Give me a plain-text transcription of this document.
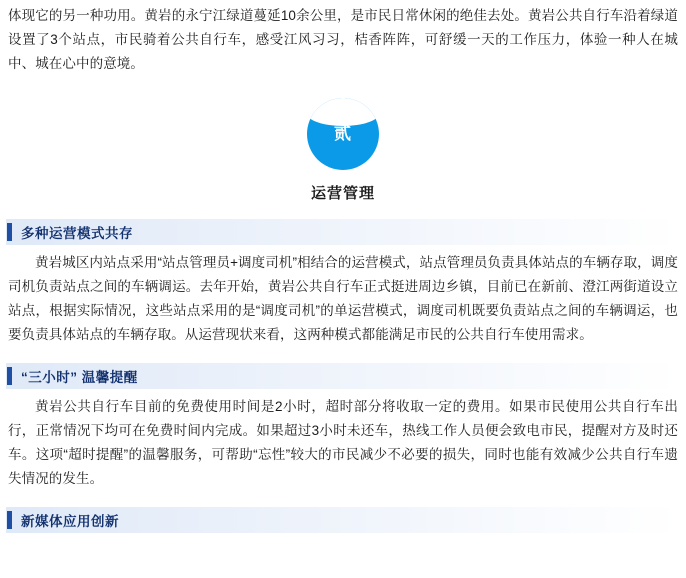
体现它的另一种功用。黄岩的永宁江绿道蔓延10余公里，是市民日常休闲的绝佳去处。黄岩公共自行车沿着绿道设置了3个站点，市民骑着公共自行车，感受江风习习，桔香阵阵，可舒缓一天的工作压力，体验一种人在城中、城在心中的意境。

贰
运营管理
多种运营模式共存

黄岩城区内站点采用“站点管理员+调度司机”相结合的运营模式，站点管理员负责具体站点的车辆存取，调度司机负责站点之间的车辆调运。去年开始，黄岩公共自行车正式挺进周边乡镇，目前已在新前、澄江两街道设立站点，根据实际情况，这些站点采用的是“调度司机”的单运营模式，调度司机既要负责站点之间的车辆调运，也要负责具体站点的车辆存取。从运营现状来看，这两种模式都能满足市民的公共自行车使用需求。

“三小时” 温馨提醒

黄岩公共自行车目前的免费使用时间是2小时，超时部分将收取一定的费用。如果市民使用公共自行车出行，正常情况下均可在免费时间内完成。如果超过3小时未还车，热线工作人员便会致电市民，提醒对方及时还车。这项“超时提醒”的温馨服务，可帮助“忘性”较大的市民减少不必要的损失，同时也能有效减少公共自行车遗失情况的发生。

新媒体应用创新
